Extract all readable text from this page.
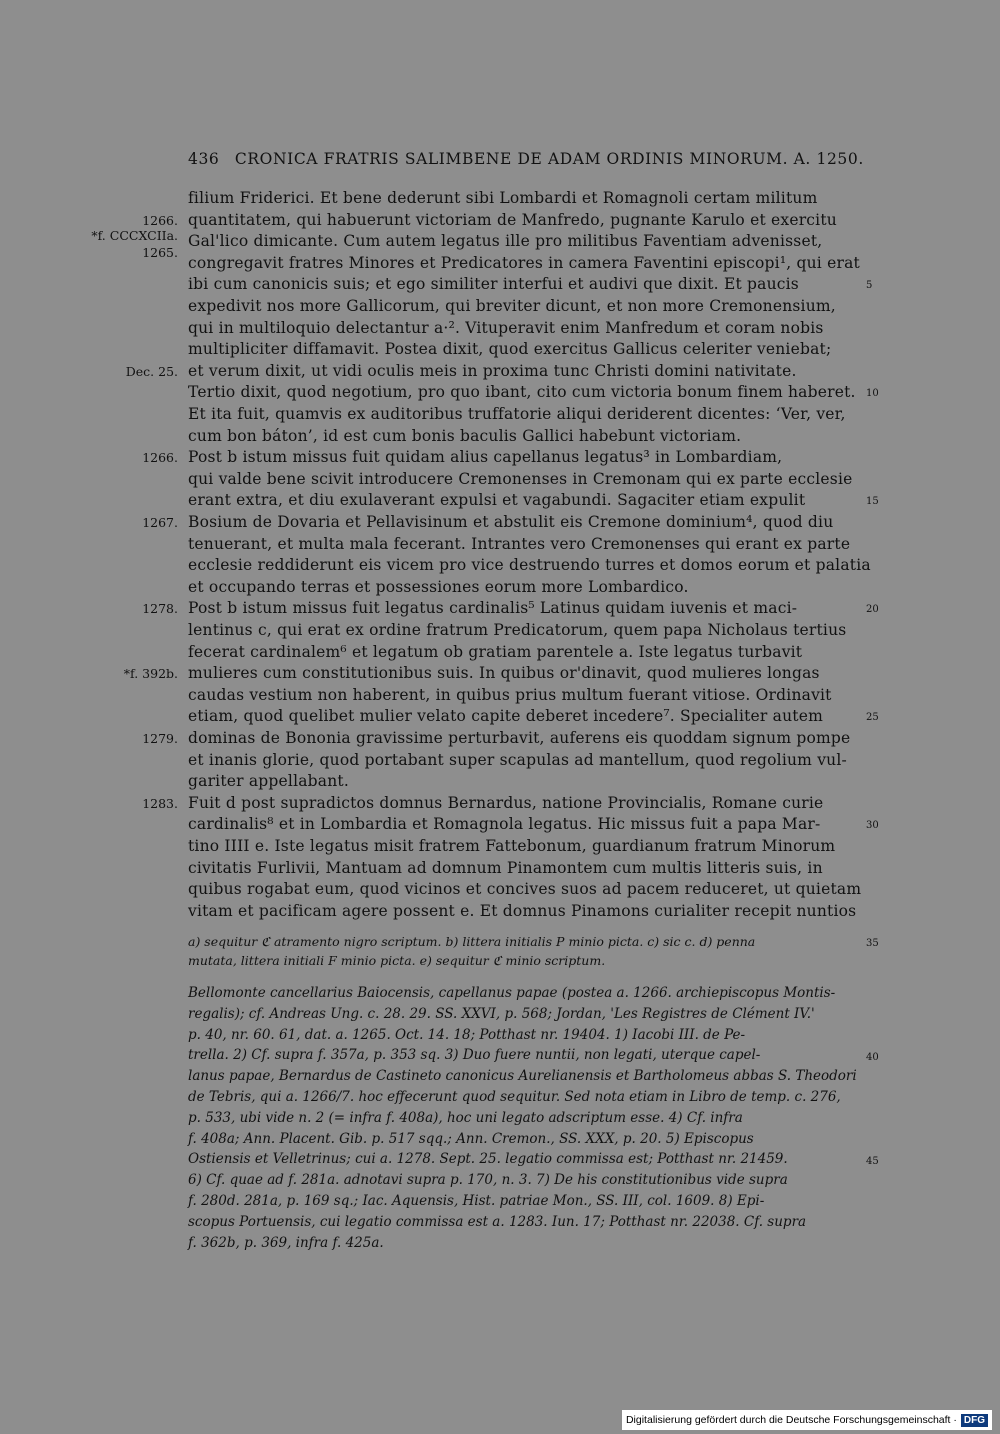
436 CRONICA FRATRIS SALIMBENE DE ADAM ORDINIS MINORUM. A. 1250.
filium Friderici. Et bene dederunt sibi Lombardi et Romagnoli certam militum
quantitatem, qui habuerunt victoriam de Manfredo, pugnante Karulo et exercitu
Gal'lico dimicante. Cum autem legatus ille pro militibus Faventiam advenisset,
congregavit fratres Minores et Predicatores in camera Faventini episcopi¹, qui erat
ibi cum canonicis suis; et ego similiter interfui et audivi que dixit. Et paucis
expedivit nos more Gallicorum, qui breviter dicunt, et non more Cremonensium,
qui in multiloquio delectantur a·². Vituperavit enim Manfredum et coram nobis
multipliciter diffamavit. Postea dixit, quod exercitus Gallicus celeriter veniebat;
et verum dixit, ut vidi oculis meis in proxima tunc Christi domini nativitate.
Tertio dixit, quod negotium, pro quo ibant, cito cum victoria bonum finem haberet.
Et ita fuit, quamvis ex auditoribus truffatorie aliqui deriderent dicentes: ‘Ver, ver,
cum bon báton’, id est cum bonis baculis Gallici habebunt victoriam.
Post b istum missus fuit quidam alius capellanus legatus³ in Lombardiam,
qui valde bene scivit introducere Cremonenses in Cremonam qui ex parte ecclesie
erant extra, et diu exulaverant expulsi et vagabundi. Sagaciter etiam expulit
Bosium de Dovaria et Pellavisinum et abstulit eis Cremone dominium⁴, quod diu
tenuerant, et multa mala fecerant. Intrantes vero Cremonenses qui erant ex parte
ecclesie reddiderunt eis vicem pro vice destruendo turres et domos eorum et palatia
et occupando terras et possessiones eorum more Lombardico.
Post b istum missus fuit legatus cardinalis⁵ Latinus quidam iuvenis et maci-
lentinus c, qui erat ex ordine fratrum Predicatorum, quem papa Nicholaus tertius
fecerat cardinalem⁶ et legatum ob gratiam parentele a. Iste legatus turbavit
mulieres cum constitutionibus suis. In quibus or'dinavit, quod mulieres longas
caudas vestium non haberent, in quibus prius multum fuerant vitiose. Ordinavit
etiam, quod quelibet mulier velato capite deberet incedere⁷. Specialiter autem
dominas de Bononia gravissime perturbavit, auferens eis quoddam signum pompe
et inanis glorie, quod portabant super scapulas ad mantellum, quod regolium vul-
gariter appellabant.
Fuit d post supradictos domnus Bernardus, natione Provincialis, Romane curie
cardinalis⁸ et in Lombardia et Romagnola legatus. Hic missus fuit a papa Mar-
tino IIII e. Iste legatus misit fratrem Fattebonum, guardianum fratrum Minorum
civitatis Furlivii, Mantuam ad domnum Pinamontem cum multis litteris suis, in
quibus rogabat eum, quod vicinos et concives suos ad pacem reduceret, ut quietam
vitam et pacificam agere possent e. Et domnus Pinamons curialiter recepit nuntios
1266.
*f. CCCXCIIa.
1265.
Dec. 25.
1266.
1267.
1278.
*f. 392b.
1279.
1283.
5
10
15
20
25
30
a) sequitur ℭ atramento nigro scriptum. b) littera initialis P minio picta. c) sic c. d) penna
mutata, littera initiali F minio picta. e) sequitur ℭ minio scriptum.
35
Bellomonte cancellarius Baiocensis, capellanus papae (postea a. 1266. archiepiscopus Montis-
regalis); cf. Andreas Ung. c. 28. 29. SS. XXVI, p. 568; Jordan, 'Les Registres de Clément IV.'
p. 40, nr. 60. 61, dat. a. 1265. Oct. 14. 18; Potthast nr. 19404. 1) Iacobi III. de Pe-
trella. 2) Cf. supra f. 357a, p. 353 sq. 3) Duo fuere nuntii, non legati, uterque capel-
lanus papae, Bernardus de Castineto canonicus Aurelianensis et Bartholomeus abbas S. Theodori
de Tebris, qui a. 1266/7. hoc effecerunt quod sequitur. Sed nota etiam in Libro de temp. c. 276,
p. 533, ubi vide n. 2 (= infra f. 408a), hoc uni legato adscriptum esse. 4) Cf. infra
f. 408a; Ann. Placent. Gib. p. 517 sqq.; Ann. Cremon., SS. XXX, p. 20. 5) Episcopus
Ostiensis et Velletrinus; cui a. 1278. Sept. 25. legatio commissa est; Potthast nr. 21459.
6) Cf. quae ad f. 281a. adnotavi supra p. 170, n. 3. 7) De his constitutionibus vide supra
f. 280d. 281a, p. 169 sq.; Iac. Aquensis, Hist. patriae Mon., SS. III, col. 1609. 8) Epi-
scopus Portuensis, cui legatio commissa est a. 1283. Iun. 17; Potthast nr. 22038. Cf. supra
f. 362b, p. 369, infra f. 425a.
40
45
Digitalisierung gefördert durch die Deutsche Forschungsgemeinschaft · DFG
